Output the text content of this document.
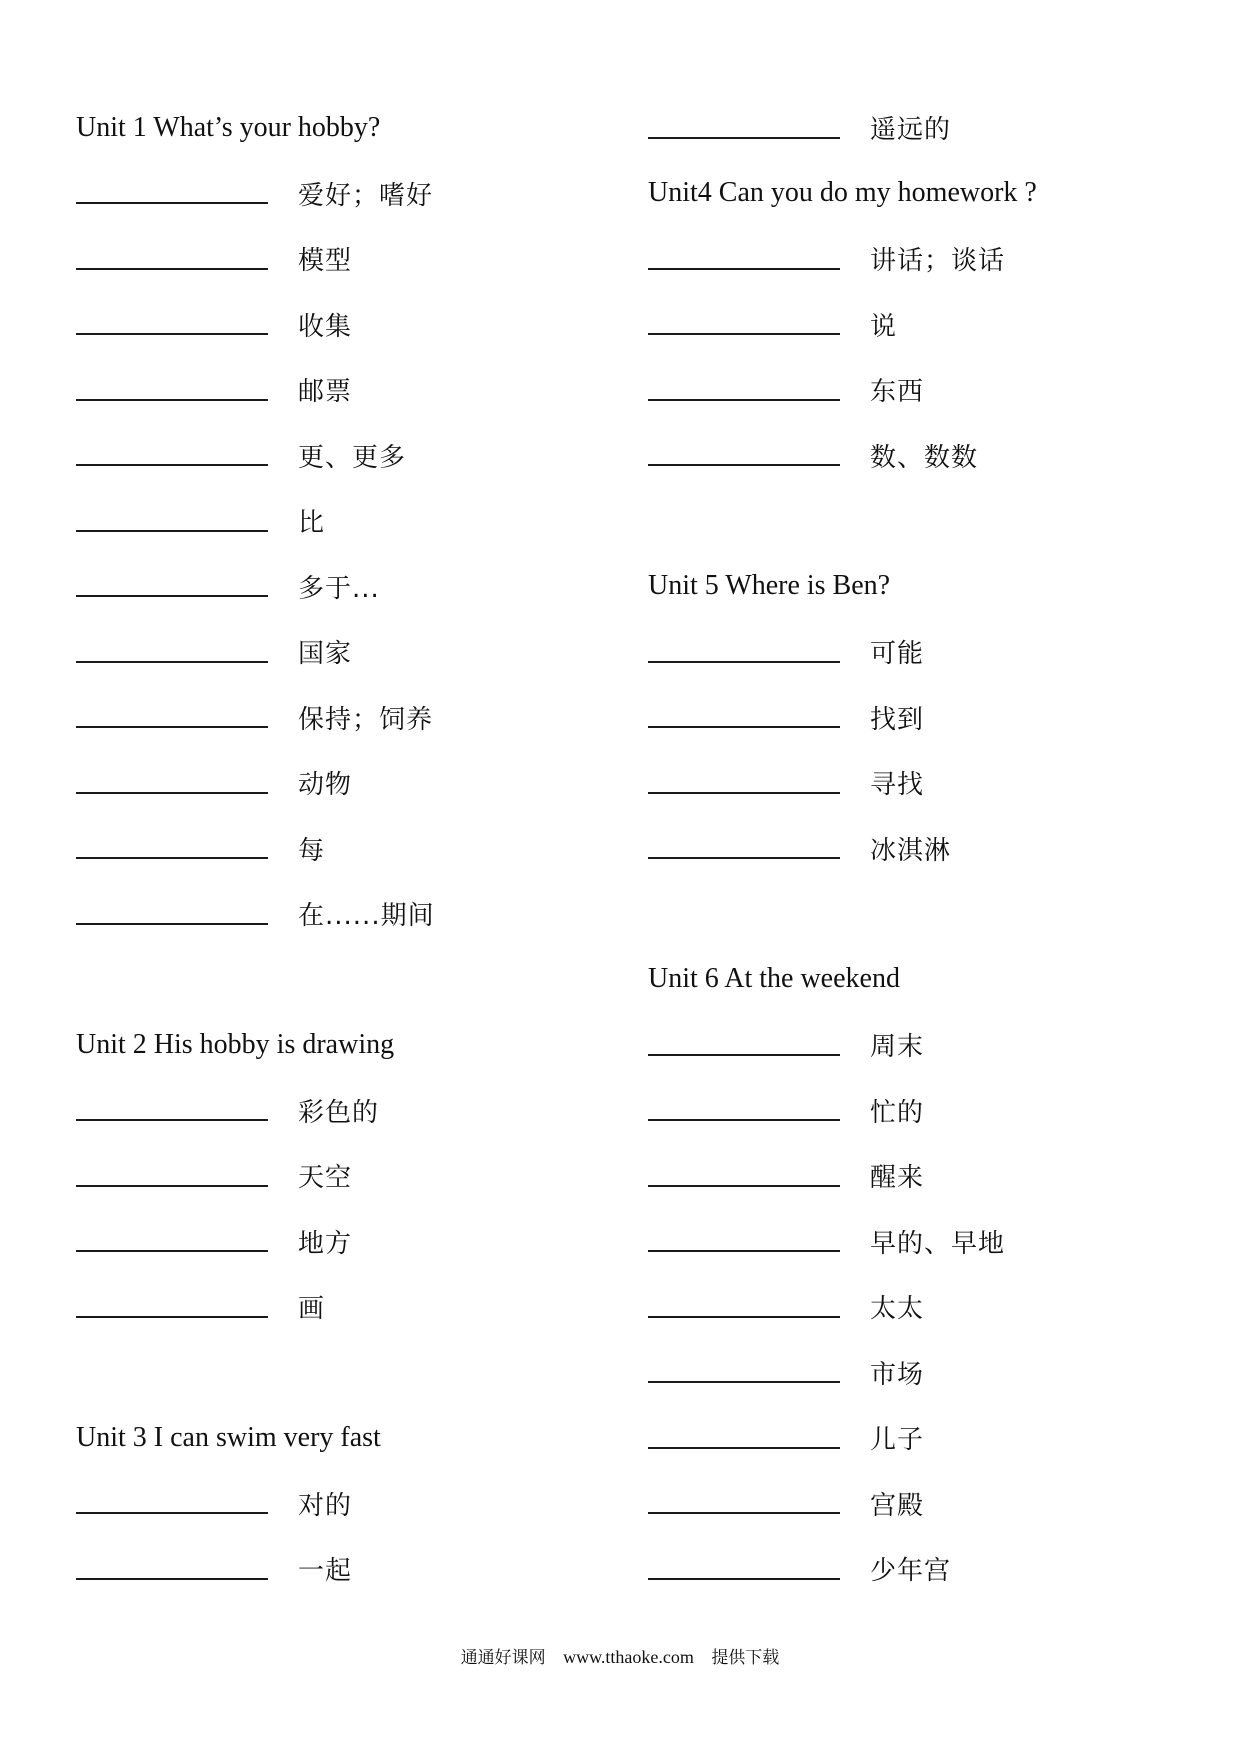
Unit 1 What’s your hobby?
爱好；嗜好
模型
收集
邮票
更、更多
比
多于...
国家
保持；饲养
动物
每
在......期间
Unit 2 His hobby is drawing
彩色的
天空
地方
画
Unit 3 I can swim very fast
对的
一起
遥远的
Unit4 Can you do my homework ?
讲话；谈话
说
东西
数、数数
Unit 5 Where is Ben?
可能
找到
寻找
冰淇淋
Unit 6 At the weekend
周末
忙的
醒来
早的、早地
太太
市场
儿子
宫殿
少年宫
通通好课网 www.tthaoke.com 提供下载
